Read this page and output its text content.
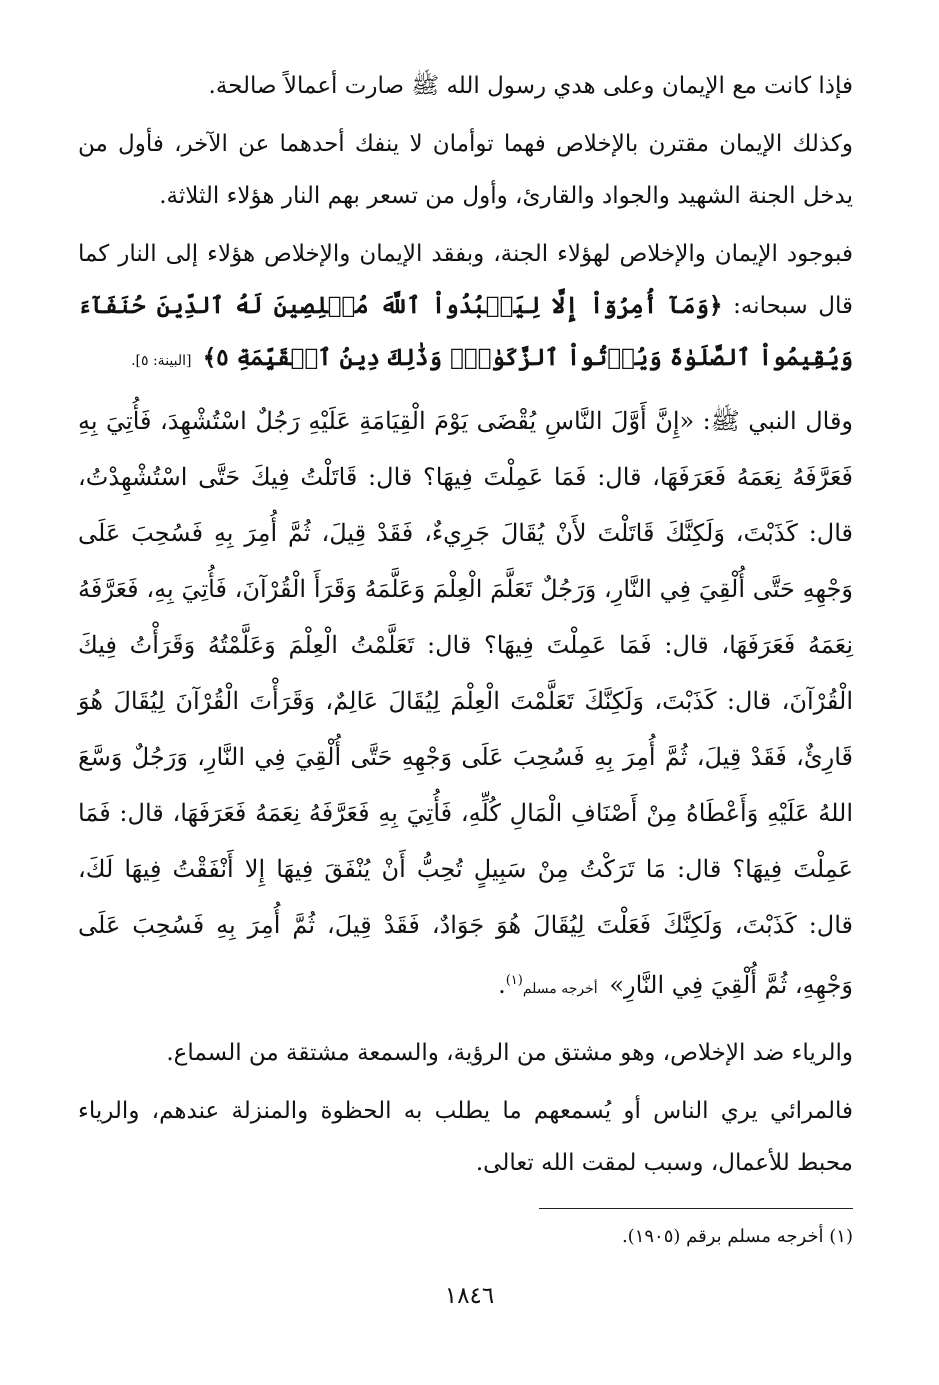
فإذا كانت مع الإيمان وعلى هدي رسول الله ﷺ صارت أعمالاً صالحة.

وكذلك الإيمان مقترن بالإخلاص فهما توأمان لا ينفك أحدهما عن الآخر، فأول من يدخل الجنة الشهيد والجواد والقارئ، وأول من تسعر بهم النار هؤلاء الثلاثة.

فبوجود الإيمان والإخلاص لهؤلاء الجنة، وبفقد الإيمان والإخلاص هؤلاء إلى النار كما قال سبحانه: ﴿وَمَآ أُمِرُوٓاْ إِلَّا لِيَعۡبُدُواْ ٱللَّهَ مُخۡلِصِينَ لَهُ ٱلدِّينَ حُنَفَآءَ وَيُقِيمُواْ ٱلصَّلَوٰةَ وَيُؤۡتُواْ ٱلزَّكَوٰةَۚ وَذَٰلِكَ دِينُ ٱلۡقَيِّمَةِ ٥﴾ [البينة: ٥].

وقال النبي ﷺ: «إِنَّ أَوَّلَ النَّاسِ يُقْضَى يَوْمَ الْقِيَامَةِ عَلَيْهِ رَجُلٌ اسْتُشْهِدَ، فَأُتِيَ بِهِ فَعَرَّفَهُ نِعَمَهُ فَعَرَفَهَا، قال: فَمَا عَمِلْتَ فِيهَا؟ قال: قَاتَلْتُ فِيكَ حَتَّى اسْتُشْهِدْتُ، قال: كَذَبْتَ، وَلَكِنَّكَ قَاتَلْتَ لأَنْ يُقَالَ جَرِيءٌ، فَقَدْ قِيلَ، ثُمَّ أُمِرَ بِهِ فَسُحِبَ عَلَى وَجْهِهِ حَتَّى أُلْقِيَ فِي النَّارِ، وَرَجُلٌ تَعَلَّمَ الْعِلْمَ وَعَلَّمَهُ وَقَرَأَ الْقُرْآنَ، فَأُتِيَ بِهِ، فَعَرَّفَهُ نِعَمَهُ فَعَرَفَهَا، قال: فَمَا عَمِلْتَ فِيهَا؟ قال: تَعَلَّمْتُ الْعِلْمَ وَعَلَّمْتُهُ وَقَرَأْتُ فِيكَ الْقُرْآنَ، قال: كَذَبْتَ، وَلَكِنَّكَ تَعَلَّمْتَ الْعِلْمَ لِيُقَالَ عَالِمٌ، وَقَرَأْتَ الْقُرْآنَ لِيُقَالَ هُوَ قَارِئٌ، فَقَدْ قِيلَ، ثُمَّ أُمِرَ بِهِ فَسُحِبَ عَلَى وَجْهِهِ حَتَّى أُلْقِيَ فِي النَّارِ، وَرَجُلٌ وَسَّعَ اللهُ عَلَيْهِ وَأَعْطَاهُ مِنْ أَصْنَافِ الْمَالِ كُلِّهِ، فَأُتِيَ بِهِ فَعَرَّفَهُ نِعَمَهُ فَعَرَفَهَا، قال: فَمَا عَمِلْتَ فِيهَا؟ قال: مَا تَرَكْتُ مِنْ سَبِيلٍ تُحِبُّ أَنْ يُنْفَقَ فِيهَا إِلا أَنْفَقْتُ فِيهَا لَكَ، قال: كَذَبْتَ، وَلَكِنَّكَ فَعَلْتَ لِيُقَالَ هُوَ جَوَادٌ، فَقَدْ قِيلَ، ثُمَّ أُمِرَ بِهِ فَسُحِبَ عَلَى وَجْهِهِ، ثُمَّ أُلْقِيَ فِي النَّارِ» أخرجه مسلم$^{(١)}$.

والرياء ضد الإخلاص، وهو مشتق من الرؤية، والسمعة مشتقة من السماع.

فالمرائي يري الناس أو يُسمعهم ما يطلب به الحظوة والمنزلة عندهم، والرياء محبط للأعمال، وسبب لمقت الله تعالى.

(١) أخرجه مسلم برقم (١٩٠٥).
١٨٤٦
